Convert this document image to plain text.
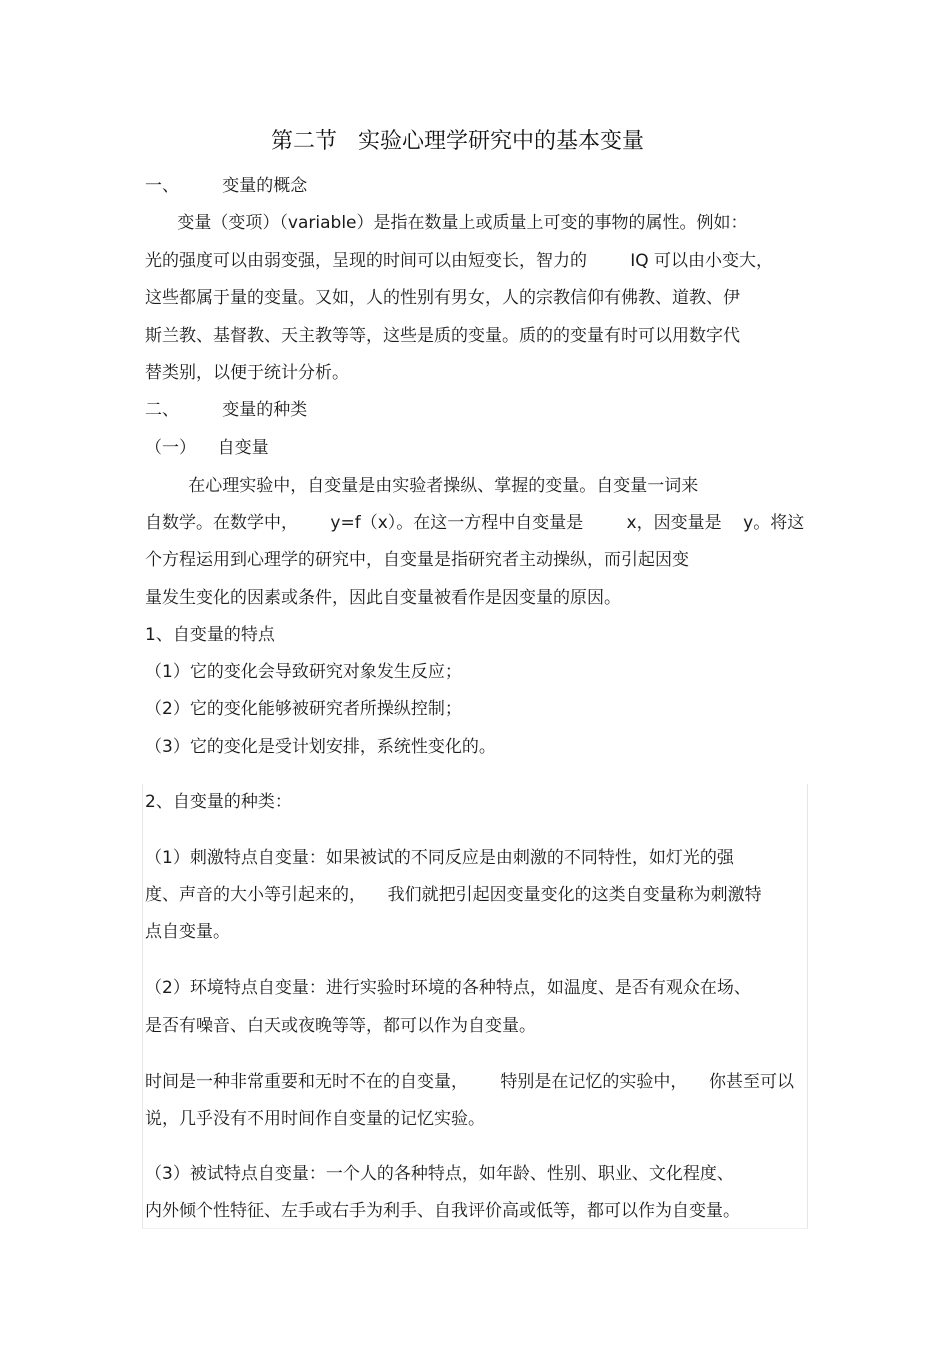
第二节   实验心理学研究中的基本变量
一、        变量的概念
变量（变项）（variable）是指在数量上或质量上可变的事物的属性。例如：
光的强度可以由弱变强，呈现的时间可以由短变长，智力的        IQ 可以由小变大，
这些都属于量的变量。又如，人的性别有男女，人的宗教信仰有佛教、道教、伊
斯兰教、基督教、天主教等等，这些是质的变量。质的的变量有时可以用数字代
替类别，以便于统计分析。
二、        变量的种类
（一）    自变量
在心理实验中，自变量是由实验者操纵、掌握的变量。自变量一词来
自数学。在数学中，      y=f（x）。在这一方程中自变量是        x，因变量是    y。将这
个方程运用到心理学的研究中，自变量是指研究者主动操纵，而引起因变
量发生变化的因素或条件，因此自变量被看作是因变量的原因。
1、自变量的特点
（1）它的变化会导致研究对象发生反应；
（2）它的变化能够被研究者所操纵控制；
（3）它的变化是受计划安排，系统性变化的。
2、自变量的种类：
（1）刺激特点自变量：如果被试的不同反应是由刺激的不同特性，如灯光的强
度、声音的大小等引起来的，    我们就把引起因变量变化的这类自变量称为刺激特
点自变量。
（2）环境特点自变量：进行实验时环境的各种特点，如温度、是否有观众在场、
是否有噪音、白天或夜晚等等，都可以作为自变量。
时间是一种非常重要和无时不在的自变量，      特别是在记忆的实验中，    你甚至可以
说，几乎没有不用时间作自变量的记忆实验。
（3）被试特点自变量：一个人的各种特点，如年龄、性别、职业、文化程度、
内外倾个性特征、左手或右手为利手、自我评价高或低等，都可以作为自变量。
